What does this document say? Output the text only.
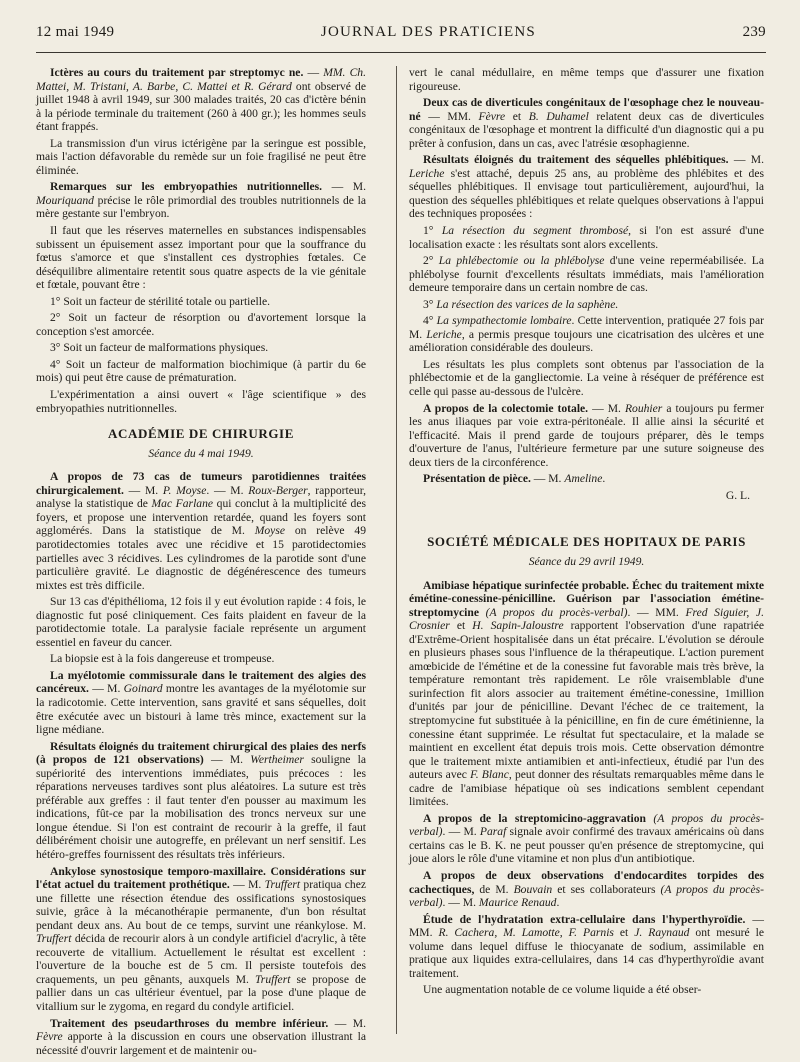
12 mai 1949	JOURNAL DES PRATICIENS	239

Ictères au cours du traitement par streptomyc ne. — MM. Ch. Mattei, M. Tristani, A. Barbe, C. Mattei et R. Gérard ont observé de juillet 1948 à avril 1949, sur 300 malades traités, 20 cas d'ictère bénin à la période terminale du traitement (260 à 400 gr.); les hommes seuls étant frappés.

La transmission d'un virus ictérigène par la seringue est possible, mais l'action défavorable du remède sur un foie fragilisé ne peut être éliminée.

Remarques sur les embryopathies nutritionnelles. — M. Mouriquand précise le rôle primordial des troubles nutritionnels de la mère gestante sur l'embryon.

Il faut que les réserves maternelles en substances indispensables subissent un épuisement assez important pour que la souffrance du fœtus s'amorce et que s'installent ces dystrophies fœtales. Ce déséquilibre alimentaire retentit sous quatre aspects de la vie génitale et fœtale, pouvant être :

1° Soit un facteur de stérilité totale ou partielle.

2° Soit un facteur de résorption ou d'avortement lorsque la conception s'est amorcée.

3° Soit un facteur de malformations physiques.

4° Soit un facteur de malformation biochimique (à partir du 6e mois) qui peut être cause de prématuration.

L'expérimentation a ainsi ouvert « l'âge scientifique » des embryopathies nutritionnelles.

ACADÉMIE DE CHIRURGIE

Séance du 4 mai 1949.

A propos de 73 cas de tumeurs parotidiennes traitées chirurgicalement. — M. P. Moyse. — M. Roux-Berger, rapporteur, analyse la statistique de Mac Farlane qui conclut à la multiplicité des foyers, et propose une intervention retardée, quand les foyers sont agglomérés. Dans la statistique de M. Moyse on relève 49 parotidectomies totales avec une récidive et 15 parotidectomies partielles avec 3 récidives. Les cylindromes de la parotide sont d'une particulière gravité. Le diagnostic de dégénérescence des tumeurs mixtes est très difficile.

Sur 13 cas d'épithélioma, 12 fois il y eut évolution rapide : 4 fois, le diagnostic fut posé cliniquement. Ces faits plaident en faveur de la parotidectomie totale. La paralysie faciale représente un argument essentiel en faveur du cancer.

La biopsie est à la fois dangereuse et trompeuse.

La myélotomie commissurale dans le traitement des algies des cancéreux. — M. Goinard montre les avantages de la myélotomie sur la radicotomie. Cette intervention, sans gravité et sans séquelles, doit être exécutée avec un bistouri à lame très mince, exactement sur la ligne médiane.

Résultats éloignés du traitement chirurgical des plaies des nerfs (à propos de 121 observations) — M. Wertheimer souligne la supériorité des interventions immédiates, puis précoces : les réparations nerveuses tardives sont plus aléatoires. La suture est très préférable aux greffes : il faut tenter d'en pousser au maximum les indications, fût-ce par la mobilisation des troncs nerveux sur une longue étendue. Si l'on est contraint de recourir à la greffe, il faut délibérément choisir une autogreffe, en prélevant un nerf sensitif. Les hétéro-greffes fournissent des résultats très inférieurs.

Ankylose synostosique temporo-maxillaire. Considérations sur l'état actuel du traitement prothétique. — M. Truffert pratiqua chez une fillette une résection étendue des ossifications synostosiques suivie, grâce à la mécanothérapie permanente, d'un bon résultat pendant deux ans. Au bout de ce temps, survint une réankylose. M. Truffert décida de recourir alors à un condyle artificiel d'acrylic, à tête recouverte de vitallium. Actuellement le résultat est excellent : l'ouverture de la bouche est de 5 cm. Il persiste toutefois des craquements, un peu gênants, auxquels M. Truffert se propose de pallier dans un cas ultérieur éventuel, par la pose d'une plaque de vitallium sur le zygoma, en regard du condyle artificiel.

Traitement des pseudarthroses du membre inférieur. — M. Fèvre apporte à la discussion en cours une observation illustrant la nécessité d'ouvrir largement et de maintenir ou-

vert le canal médullaire, en même temps que d'assurer une fixation rigoureuse.

Deux cas de diverticules congénitaux de l'œsophage chez le nouveau-né — MM. Fèvre et B. Duhamel relatent deux cas de diverticules congénitaux de l'œsophage et montrent la difficulté d'un diagnostic qui a pu prêter à confusion, dans un cas, avec l'atrésie œsophagienne.

Résultats éloignés du traitement des séquelles phlébitiques. — M. Leriche s'est attaché, depuis 25 ans, au problème des phlébites et des séquelles phlébitiques. Il envisage tout particulièrement, aujourd'hui, la question des séquelles phlébitiques et relate quelques observations à l'appui des techniques proposées :

1° La résection du segment thrombosé, si l'on est assuré d'une localisation exacte : les résultats sont alors excellents.

2° La phlébectomie ou la phlébolyse d'une veine reperméabilisée. La phlébolyse fournit d'excellents résultats immédiats, mais l'amélioration demeure temporaire dans un certain nombre de cas.

3° La résection des varices de la saphène.

4° La sympathectomie lombaire. Cette intervention, pratiquée 27 fois par M. Leriche, a permis presque toujours une cicatrisation des ulcères et une amélioration considérable des douleurs.

Les résultats les plus complets sont obtenus par l'association de la phlébectomie et de la gangliectomie. La veine à réséquer de préférence est celle qui passe au-dessous de l'ulcère.

A propos de la colectomie totale. — M. Rouhier a toujours pu fermer les anus iliaques par voie extra-péritonéale. Il allie ainsi la sécurité et l'efficacité. Mais il prend garde de toujours préparer, dès le temps d'ouverture de l'anus, l'ultérieure fermeture par une suture soigneuse des deux tiers de la circonférence.

Présentation de pièce. — M. Ameline.

G. L.

SOCIÉTÉ MÉDICALE DES HOPITAUX DE PARIS

Séance du 29 avril 1949.

Amibiase hépatique surinfectée probable. Échec du traitement mixte émétine-conessine-pénicilline. Guérison par l'association émétine-streptomycine (A propos du procès-verbal). — MM. Fred Siguier, J. Crosnier et H. Sapin-Jaloustre rapportent l'observation d'une rapatriée d'Extrême-Orient hospitalisée dans un état précaire. L'évolution se déroule en plusieurs phases sous l'influence de la thérapeutique. L'action purement amœbicide de l'émétine et de la conessine fut favorable mais très brève, la température remontant très rapidement. Le rôle vraisemblable d'une surinfection fit alors associer au traitement émétine-conessine, 1million d'unités par jour de pénicilline. Devant l'échec de ce traitement, la streptomycine fut substituée à la pénicilline, en fin de cure émétinienne, la conessine étant supprimée. Le résultat fut spectaculaire, et la malade se maintient en excellent état depuis trois mois. Cette observation démontre que le traitement mixte antiamibien et anti-infectieux, étudié par l'un des auteurs avec F. Blanc, peut donner des résultats remarquables même dans le cadre de l'amibiase hépatique où ses indications semblent cependant limitées.

A propos de la streptomicino-aggravation (A propos du procès-verbal). — M. Paraf signale avoir confirmé des travaux américains où dans certains cas le B. K. ne peut pousser qu'en présence de streptomycine, qui joue alors le rôle d'une vitamine et non plus d'un antibiotique.

A propos de deux observations d'endocardites torpides des cachectiques, de M. Bouvain et ses collaborateurs (A propos du procès-verbal). — M. Maurice Renaud.

Étude de l'hydratation extra-cellulaire dans l'hyperthyroïdie. — MM. R. Cachera, M. Lamotte, F. Parnis et J. Raynaud ont mesuré le volume dans lequel diffuse le thiocyanate de sodium, assimilable en pratique aux liquides extra-cellulaires, dans 14 cas d'hyperthyroïdie avant traitement.

Une augmentation notable de ce volume liquide a été obser-
